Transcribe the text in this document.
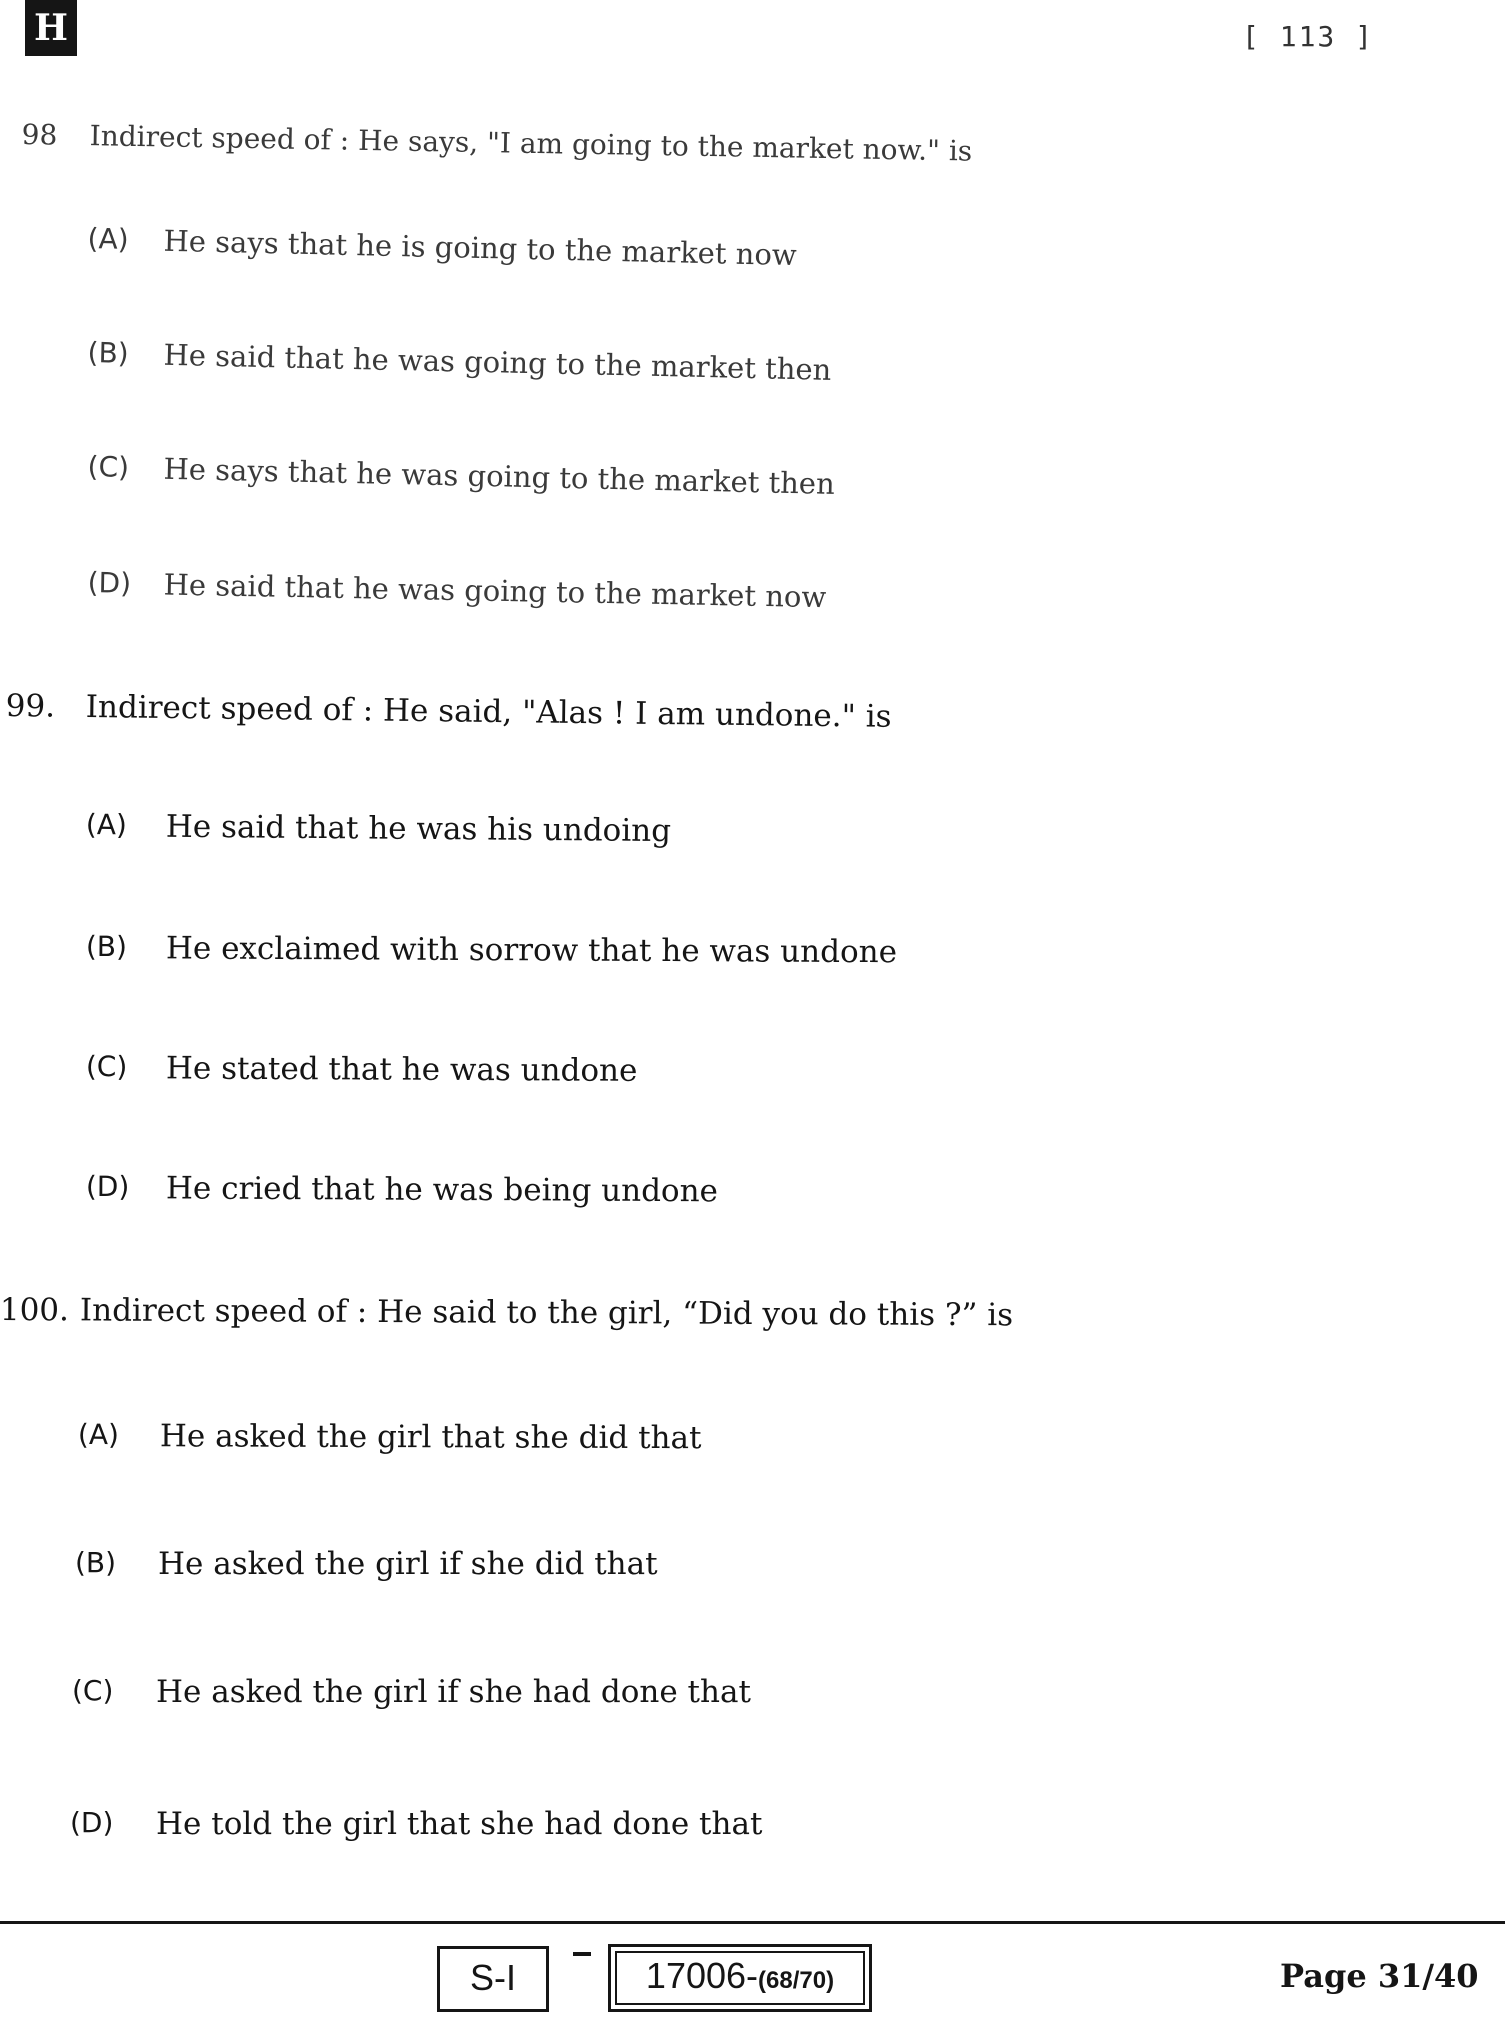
H	[ 113 ]
98 Indirect speed of : He says, "I am going to the market now." is
(A) He says that he is going to the market now
(B) He said that he was going to the market then
(C) He says that he was going to the market then
(D) He said that he was going to the market now
99. Indirect speed of : He said, "Alas ! I am undone." is
(A) He said that he was his undoing
(B) He exclaimed with sorrow that he was undone
(C) He stated that he was undone
(D) He cried that he was being undone
100. Indirect speed of : He said to the girl, “Did you do this ?” is
(A) He asked the girl that she did that
(B) He asked the girl if she did that
(C) He asked the girl if she had done that
(D) He told the girl that she had done that
S-I	17006-(68/70)	Page 31/40
